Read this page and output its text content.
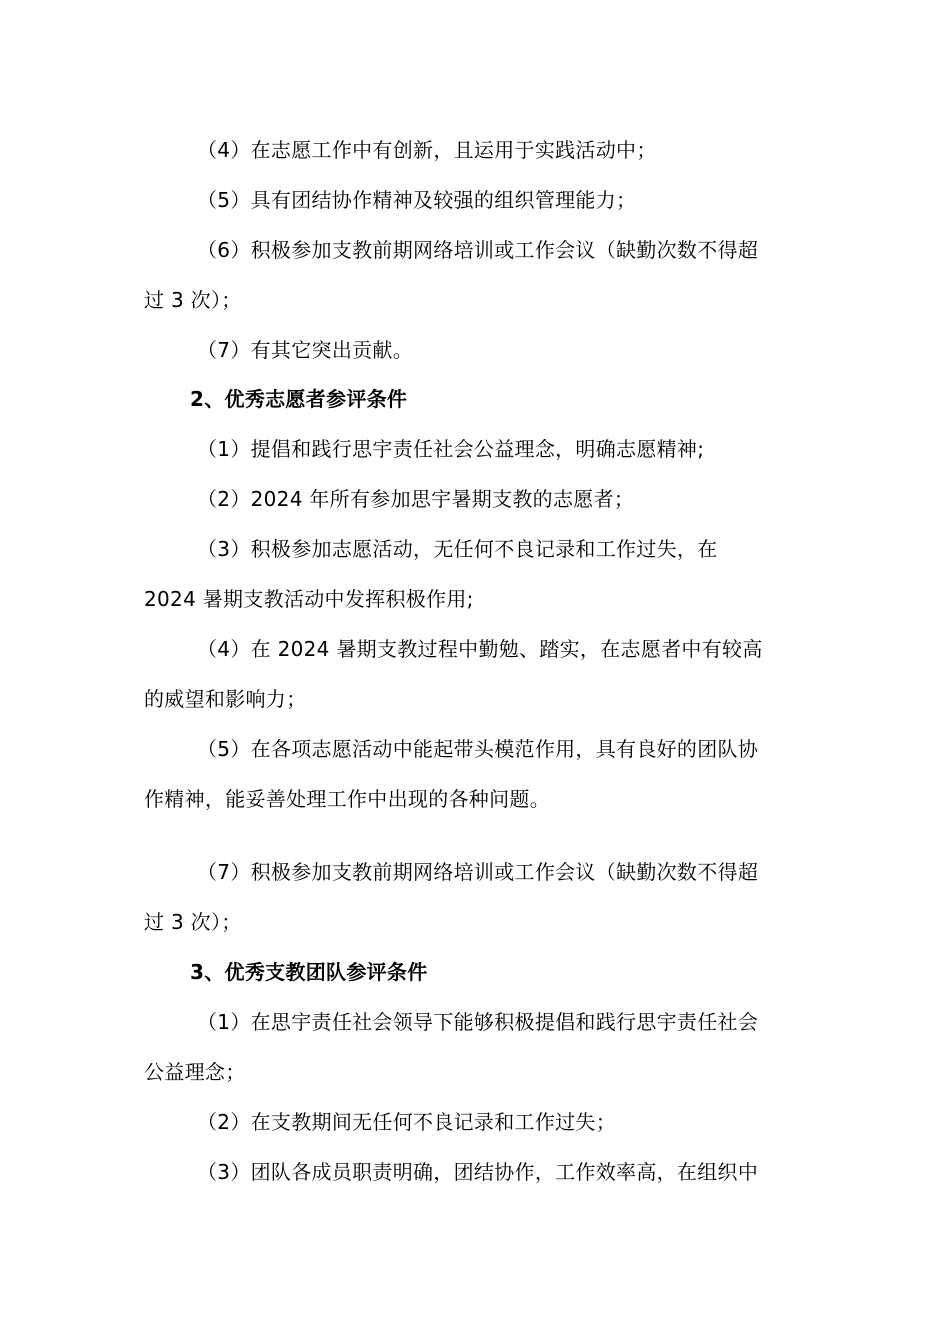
（4）在志愿工作中有创新，且运用于实践活动中；
（5）具有团结协作精神及较强的组织管理能力；
（6）积极参加支教前期网络培训或工作会议（缺勤次数不得超
过 3 次）；
（7）有其它突出贡献。
2、优秀志愿者参评条件
（1）提倡和践行思宇责任社会公益理念，明确志愿精神;
（2）2024 年所有参加思宇暑期支教的志愿者；
（3）积极参加志愿活动，无任何不良记录和工作过失，在
2024 暑期支教活动中发挥积极作用;
（4）在 2024 暑期支教过程中勤勉、踏实，在志愿者中有较高
的威望和影响力；
（5）在各项志愿活动中能起带头模范作用，具有良好的团队协
作精神，能妥善处理工作中出现的各种问题。
（7）积极参加支教前期网络培训或工作会议（缺勤次数不得超
过 3 次）；
3、优秀支教团队参评条件
（1）在思宇责任社会领导下能够积极提倡和践行思宇责任社会
公益理念；
（2）在支教期间无任何不良记录和工作过失；
（3）团队各成员职责明确，团结协作，工作效率高，在组织中
